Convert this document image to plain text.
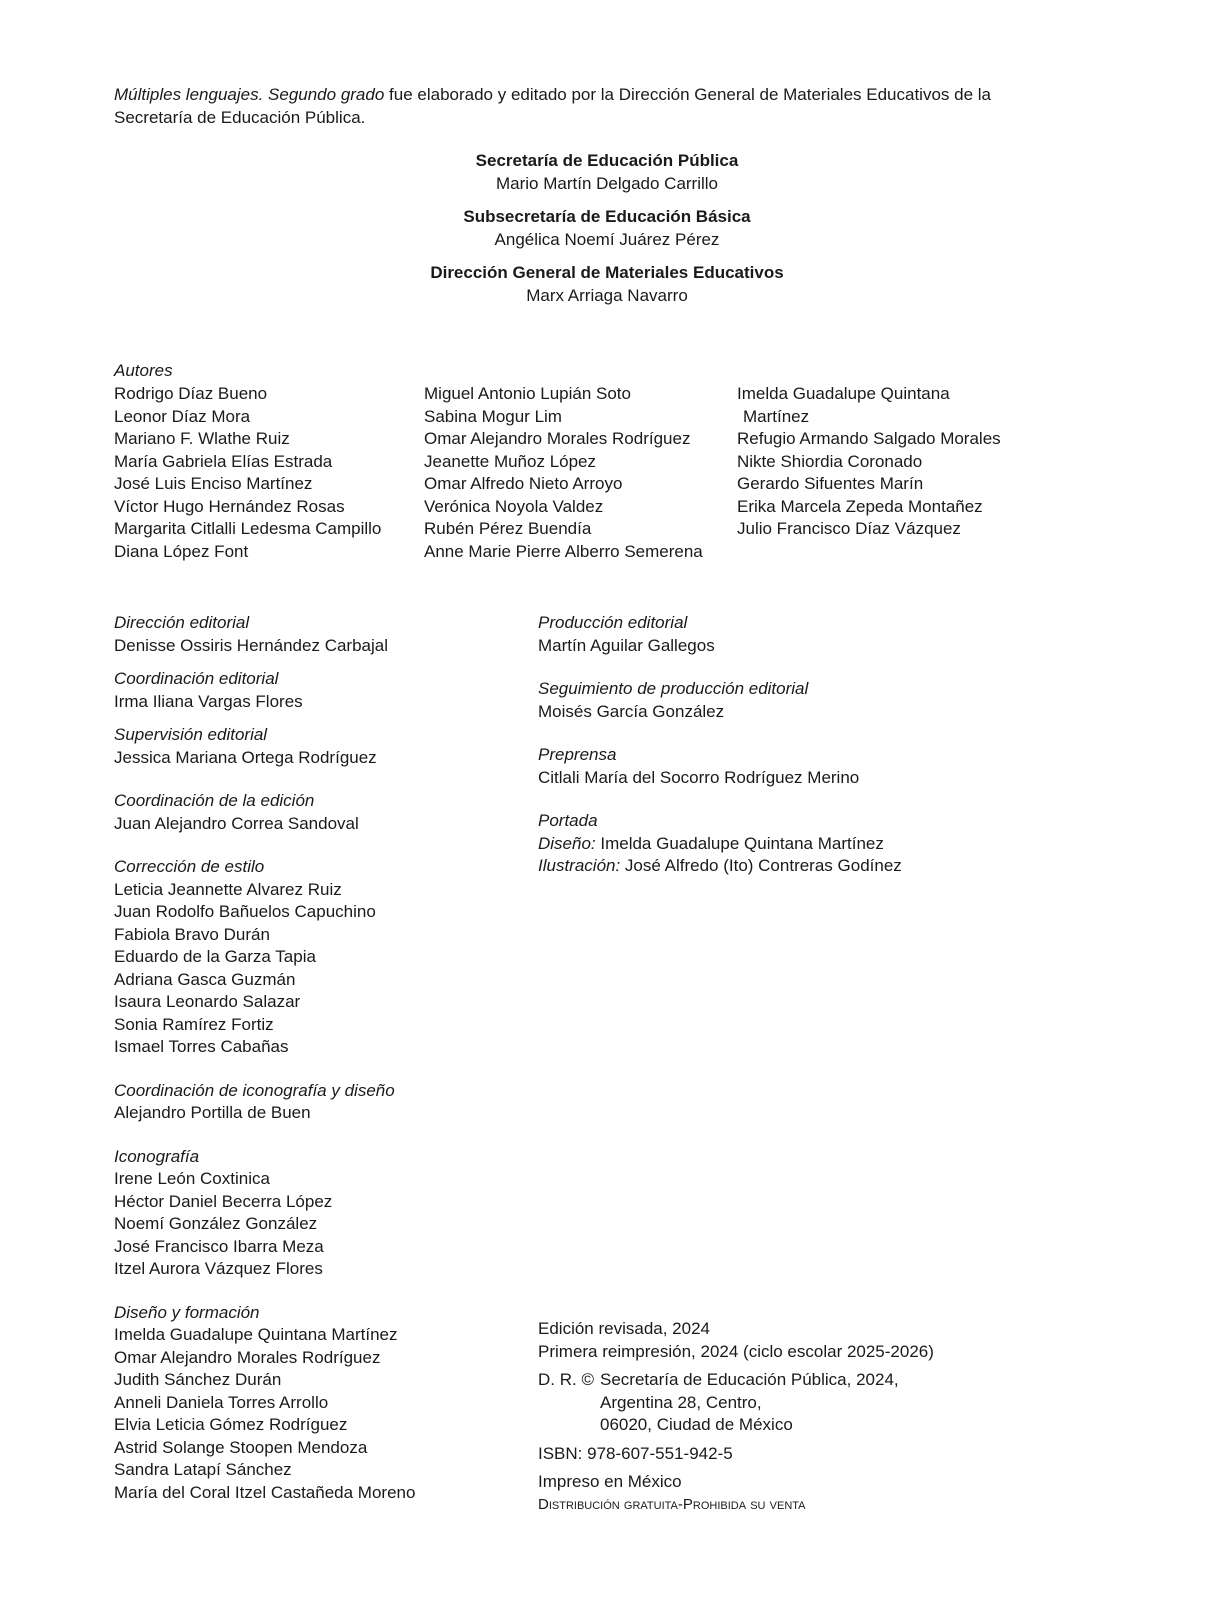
Múltiples lenguajes. Segundo grado fue elaborado y editado por la Dirección General de Materiales Educativos de la Secretaría de Educación Pública.
Secretaría de Educación Pública
Mario Martín Delgado Carrillo
Subsecretaría de Educación Básica
Angélica Noemí Juárez Pérez
Dirección General de Materiales Educativos
Marx Arriaga Navarro
Autores
Rodrigo Díaz Bueno
Leonor Díaz Mora
Mariano F. Wlathe Ruiz
María Gabriela Elías Estrada
José Luis Enciso Martínez
Víctor Hugo Hernández Rosas
Margarita Citlalli Ledesma Campillo
Diana López Font
Miguel Antonio Lupián Soto
Sabina Mogur Lim
Omar Alejandro Morales Rodríguez
Jeanette Muñoz López
Omar Alfredo Nieto Arroyo
Verónica Noyola Valdez
Rubén Pérez Buendía
Anne Marie Pierre Alberro Semerena
Imelda Guadalupe Quintana
Martínez
Refugio Armando Salgado Morales
Nikte Shiordia Coronado
Gerardo Sifuentes Marín
Erika Marcela Zepeda Montañez
Julio Francisco Díaz Vázquez
Dirección editorial
Denisse Ossiris Hernández Carbajal
Coordinación editorial
Irma Iliana Vargas Flores
Supervisión editorial
Jessica Mariana Ortega Rodríguez
Coordinación de la edición
Juan Alejandro Correa Sandoval
Corrección de estilo
Leticia Jeannette Alvarez Ruiz
Juan Rodolfo Bañuelos Capuchino
Fabiola Bravo Durán
Eduardo de la Garza Tapia
Adriana Gasca Guzmán
Isaura Leonardo Salazar
Sonia Ramírez Fortiz
Ismael Torres Cabañas
Coordinación de iconografía y diseño
Alejandro Portilla de Buen
Iconografía
Irene León Coxtinica
Héctor Daniel Becerra López
Noemí González González
José Francisco Ibarra Meza
Itzel Aurora Vázquez Flores
Diseño y formación
Imelda Guadalupe Quintana Martínez
Omar Alejandro Morales Rodríguez
Judith Sánchez Durán
Anneli Daniela Torres Arrollo
Elvia Leticia Gómez Rodríguez
Astrid Solange Stoopen Mendoza
Sandra Latapí Sánchez
María del Coral Itzel Castañeda Moreno
Producción editorial
Martín Aguilar Gallegos
Seguimiento de producción editorial
Moisés García González
Preprensa
Citlali María del Socorro Rodríguez Merino
Portada
Diseño: Imelda Guadalupe Quintana Martínez
Ilustración: José Alfredo (Ito) Contreras Godínez
Edición revisada, 2024
Primera reimpresión, 2024 (ciclo escolar 2025-2026)
D. R. © Secretaría de Educación Pública, 2024,
Argentina 28, Centro,
06020, Ciudad de México
ISBN: 978-607-551-942-5
Impreso en México
Distribución gratuita-Prohibida su venta
